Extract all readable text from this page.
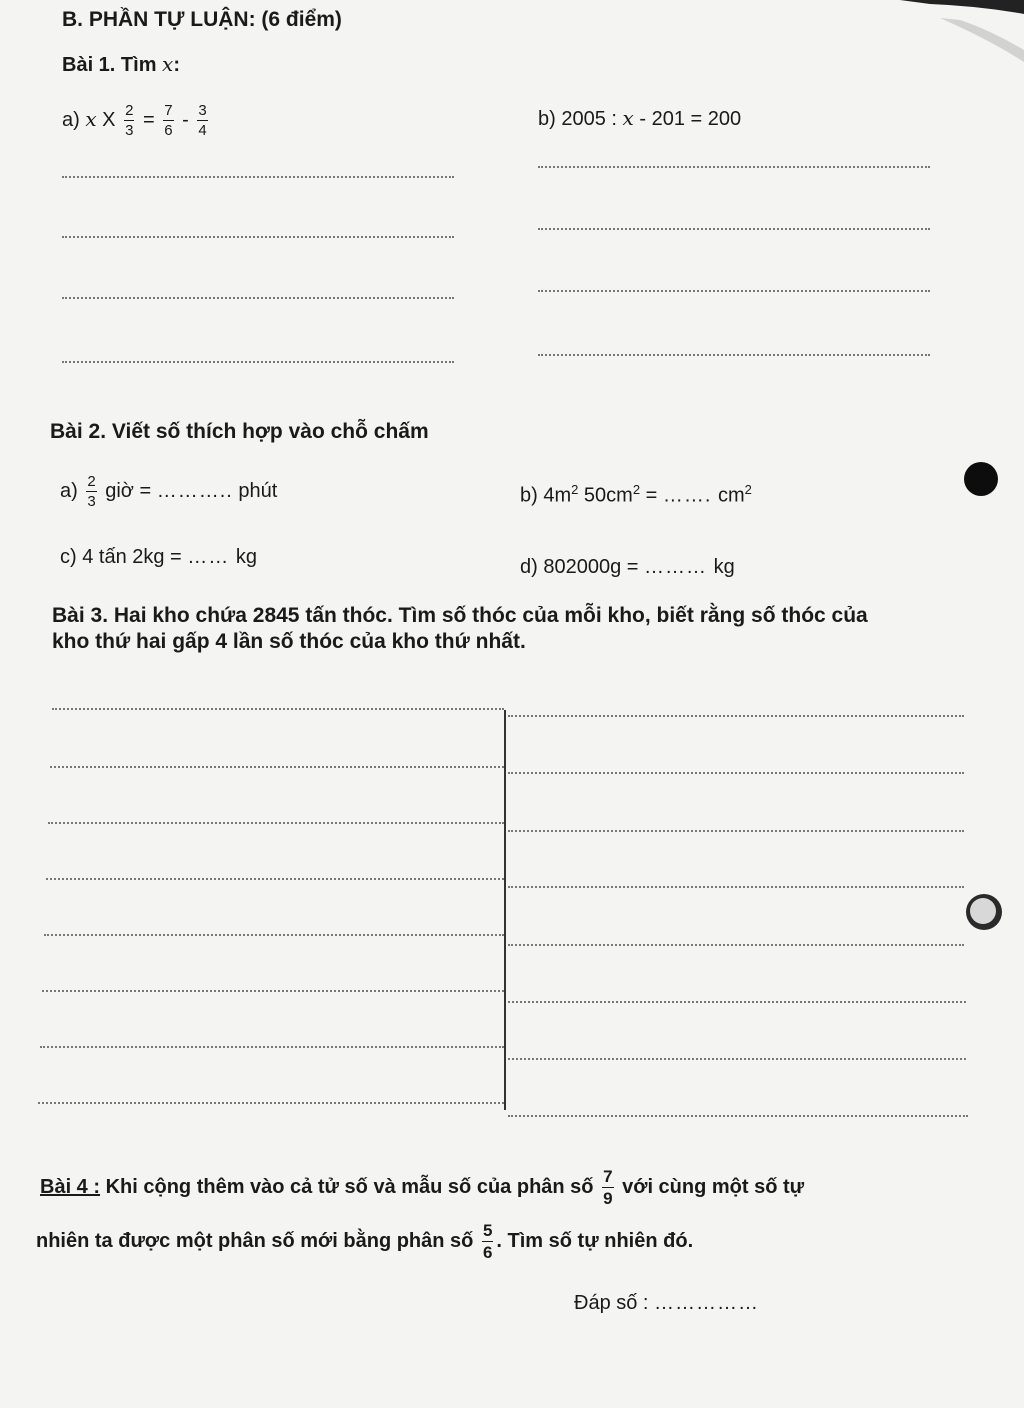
B. PHẦN TỰ LUẬN: (6 điểm)
Bài 1. Tìm x:
a) x X $\frac{2}{3} = \frac{7}{6} - \frac{3}{4}$	b) 2005 : x - 201 = 200
Bài 2. Viết số thích hợp vào chỗ chấm
$a) \frac{2}{3}$ giờ = ……….. phút	b) $4m^2$ $50cm^2$ = ……. $cm^2$
c) 4 tấn 2kg = …… kg	d) 802000g = ……… kg
Bài 3. Hai kho chứa 2845 tấn thóc. Tìm số thóc của mỗi kho, biết rằng số thóc của
kho thứ hai gấp 4 lần số thóc của kho thứ nhất.
Bài 4 : Khi cộng thêm vào cả tử số và mẫu số của phân số $\frac{7}{9}$ với cùng một số tự
nhiên ta được một phân số mới bằng phân số $\frac{5}{6}$ . Tìm số tự nhiên đó.
Đáp số : ……………
